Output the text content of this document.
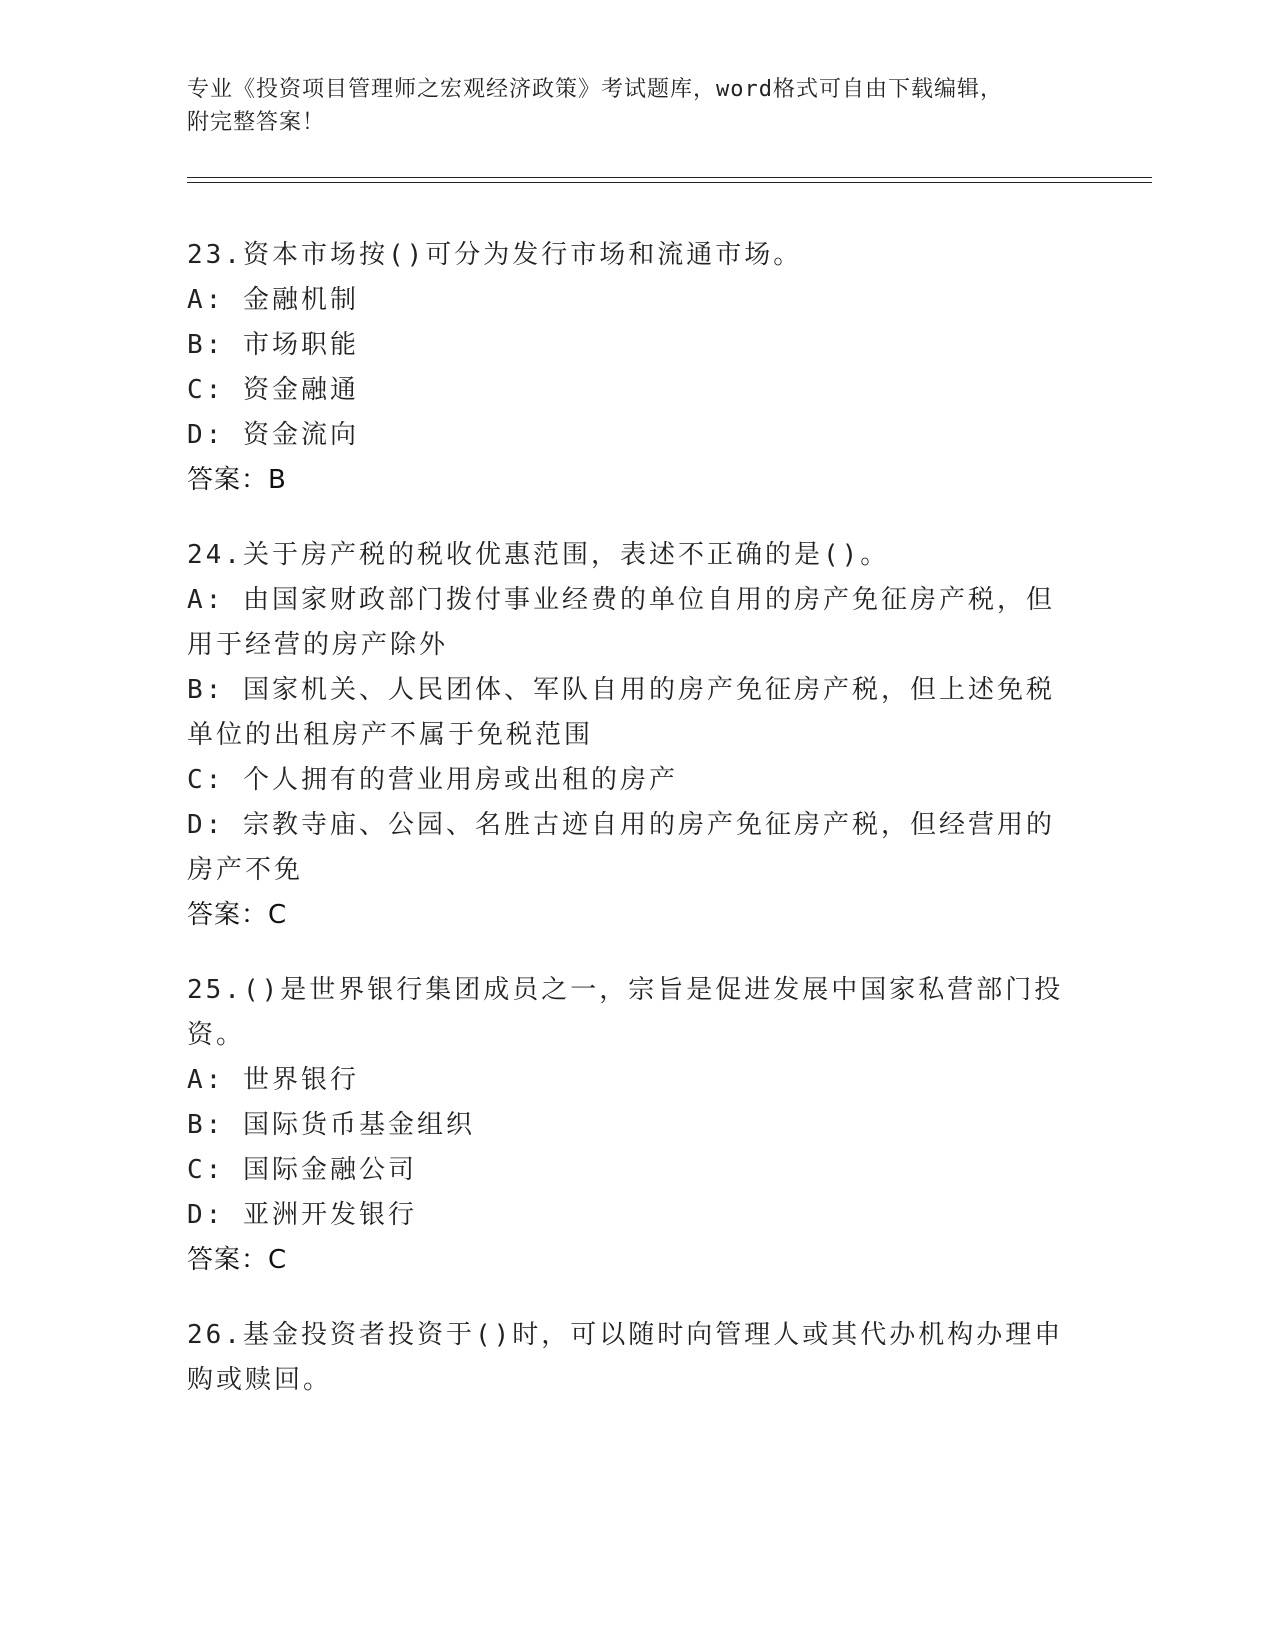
专业《投资项目管理师之宏观经济政策》考试题库，word格式可自由下载编辑，
附完整答案！
23.资本市场按()可分为发行市场和流通市场。
A: 金融机制
B: 市场职能
C: 资金融通
D: 资金流向
答案：B
24.关于房产税的税收优惠范围，表述不正确的是()。
A: 由国家财政部门拨付事业经费的单位自用的房产免征房产税，但用于经营的房产除外
B: 国家机关、人民团体、军队自用的房产免征房产税，但上述免税单位的出租房产不属于免税范围
C: 个人拥有的营业用房或出租的房产
D: 宗教寺庙、公园、名胜古迹自用的房产免征房产税，但经营用的房产不免
答案：C
25.()是世界银行集团成员之一，宗旨是促进发展中国家私营部门投资。
A: 世界银行
B: 国际货币基金组织
C: 国际金融公司
D: 亚洲开发银行
答案：C
26.基金投资者投资于()时，可以随时向管理人或其代办机构办理申购或赎回。
